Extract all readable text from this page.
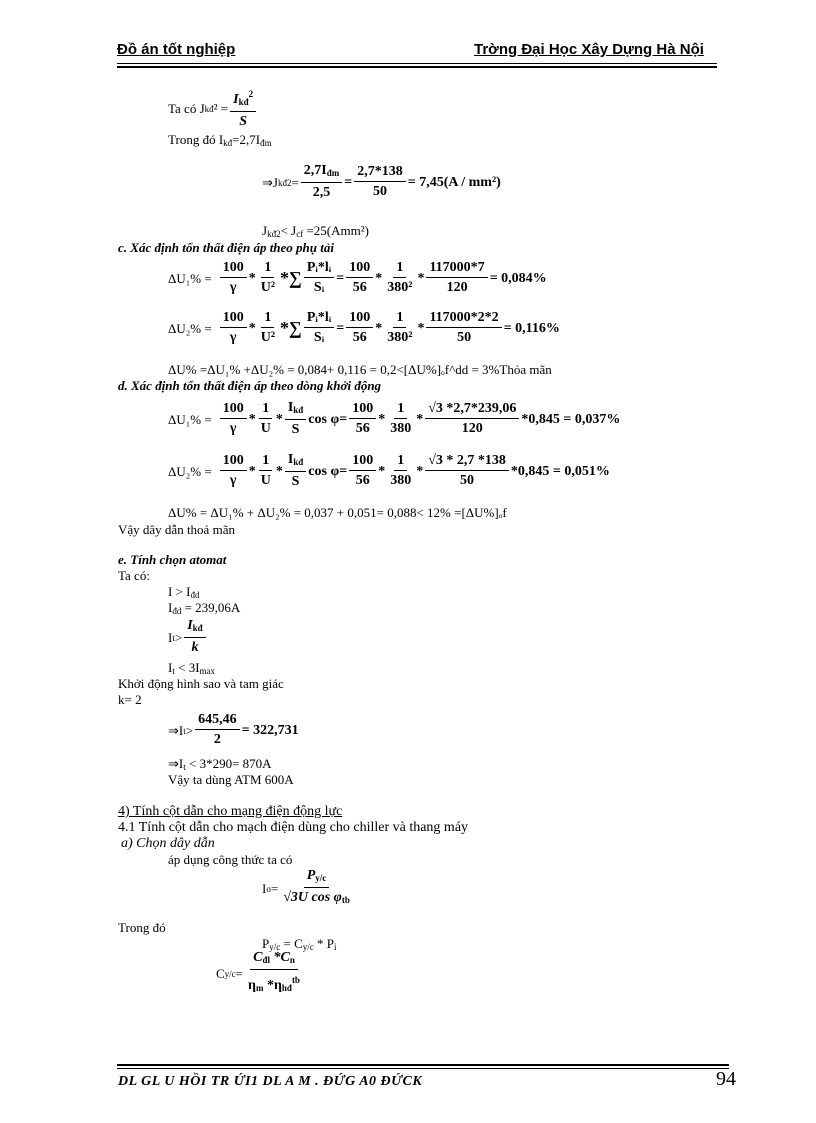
Đồ án tốt nghiệp	Trờng Đại Học Xây Dựng Hà Nội
Ta có J kđ $^2 = \frac{I_{kđ}^2}{S}$
Trong đó $I_{kđ}=2,7I_{đm}$
⇒J kđ2 = $\frac{2,7I_{đm}}{2,5} = \frac{2,7*138}{50} = 7,45(A / mm^2)$
$J_{kđ2}< J_{cf} =25(Amm^2)$
c. Xác định tổn thất điện áp theo phụ tải
$\Delta U_1\% = \frac{100}{\gamma} * \frac{1}{\text{U²}}$ *∑ $\frac{\text{Pᵢ*lᵢ}}{\text{Sᵢ}} = \frac{100}{56} * \frac{1}{\text{380²}} * \frac{117000*7}{120} = 0,084\%$
$\Delta U_2\% = \frac{100}{\gamma} * \frac{1}{\text{U²}}$ *∑ $\frac{\text{Pᵢ*lᵢ}}{\text{Sᵢ}} = \frac{100}{56} * \frac{1}{\text{380²}} * \frac{117000*2*2}{50} = 0,116\%$
ΔU% =ΔU₁% +ΔU₂% = 0,084+ 0,116 = 0,2<[ΔU%]ₒf^dd = 3%Thỏa mãn
d. Xác định tổn thất điện áp theo dòng khởi động
$\Delta U_1\% = \frac{100}{\gamma} * \frac{1}{U} * \frac{I_{kđ}}{S}$ $\cos \varphi = \frac{100}{56} * \frac{1}{380} * \frac{√3 *2,7*239,06}{120} *0,845 = 0,037\%$
$\Delta U_2\% = \frac{100}{\gamma} * \frac{1}{U} * \frac{I_{kđ}}{S}$ $\cos \varphi = \frac{100}{56} * \frac{1}{380} * \frac{√3 * 2,7 *138}{50} *0,845 = 0,051\%$
ΔU% = ΔU₁% + ΔU₂% = 0,037 + 0,051= 0,088< 12% =[ΔU%]ₒf
Vậy dây dẫn thoả mãn
e. Tính chọn atomat
Ta có:
$I > I_{đd}$
$I_{đd} = 239,06A$
I $t > \frac{I_{kđ}}{k}$
$I_t < 3I_{max}$
Khởi động hình sao và tam giác
k= 2
⇒I $t > \frac{645,46}{2} = 322,731$
$\Rightarrow I_t < 3*290= 870A$
Vậy ta dùng ATM 600A
4) Tính cột dẫn cho mạng điện động lực
4.1 Tính cột dẫn cho mạch điện dùng cho chiller và thang máy
a) Chọn dây dẫn
áp dụng công thức ta có
I $o = \frac{P_{y/c}}{√3U \cos \varphi_{tb}}$
Trong đó
$P_{y/c} = C_{y/c} * P_i$
C $y/c = \frac{C_{đl} *C_n}{\eta_m *\eta_{hđ}^{tb}}$
DL GL U HỒI TR ỨI1 DL A M . ĐỨG A0 ĐỨCK	94
